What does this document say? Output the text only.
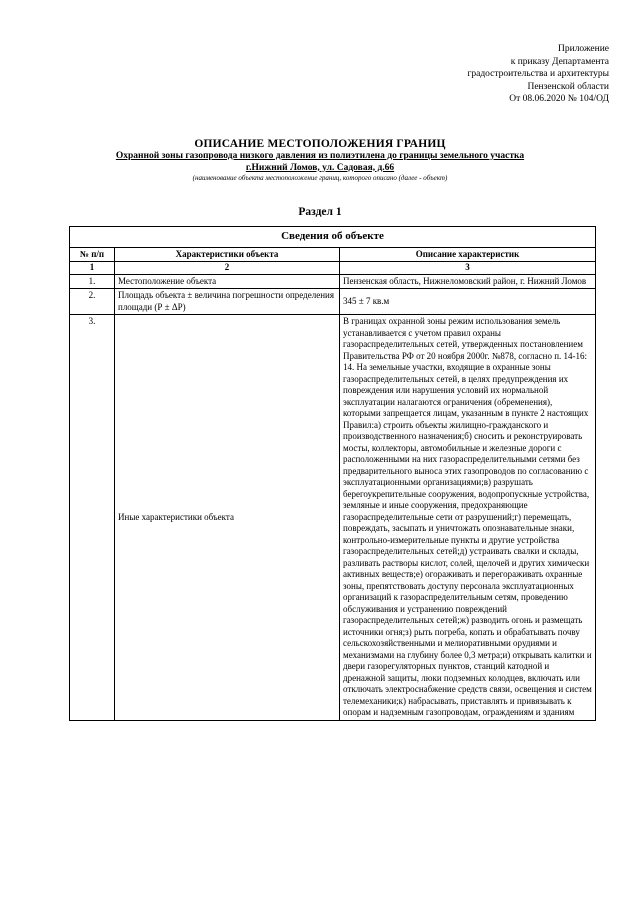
Приложение
к приказу Департамента
градостроительства и архитектуры
Пензенской области
От 08.06.2020 № 104/ОД
ОПИСАНИЕ МЕСТОПОЛОЖЕНИЯ ГРАНИЦ
Охранной зоны газопровода низкого давления из полиэтилена до границы земельного участка
г.Нижний Ломов, ул. Садовая, д.66
(наименование объекта местоположение границ, которого описано (далее - объект)
Раздел 1
Сведения об объекте		
№ п/п	Характеристики объекта	Описание характеристик
1	2	3
1.	Местоположение объекта	Пензенская область, Нижнеломовский район, г. Нижний Ломов
2.	Площадь объекта ± величина погрешности определения площади (Р ± ΔР)	345 ± 7 кв.м
3.	Иные характеристики объекта	В границах охранной зоны режим использования земель устанавливается с учетом правил охраны газораспределительных сетей, утвержденных постановлением Правительства РФ от 20 ноября 2000г. №878, согласно п. 14-16: 14. На земельные участки, входящие в охранные зоны газораспределительных сетей, в целях предупреждения их повреждения или нарушения условий их нормальной эксплуатации налагаются ограничения (обременения), которыми запрещается лицам, указанным в пункте 2 настоящих Правил:а) строить объекты жилищно-гражданского и производственного назначения;б) сносить и реконструировать мосты, коллекторы, автомобильные и железные дороги с расположенными на них газораспределительными сетями без предварительного выноса этих газопроводов по согласованию с эксплуатационными организациями;в) разрушать берегоукрепительные сооружения, водопропускные устройства, земляные и иные сооружения, предохраняющие газораспределительные сети от разрушений;г) перемещать, повреждать, засыпать и уничтожать опознавательные знаки, контрольно-измерительные пункты и другие устройства газораспределительных сетей;д) устраивать свалки и склады, разливать растворы кислот, солей, щелочей и других химически активных веществ;е) огораживать и перегораживать охранные зоны, препятствовать доступу персонала эксплуатационных организаций к газораспределительным сетям, проведению обслуживания и устранению повреждений газораспределительных сетей;ж) разводить огонь и размещать источники огня;з) рыть погреба, копать и обрабатывать почву сельскохозяйственными и мелиоративными орудиями и механизмами на глубину более 0,3 метра;и) открывать калитки и двери газорегуляторных пунктов, станций катодной и дренажной защиты, люки подземных колодцев, включать или отключать электроснабжение средств связи, освещения и систем телемеханики;к) набрасывать, приставлять и привязывать к опорам и надземным газопроводам, ограждениям и зданиям
